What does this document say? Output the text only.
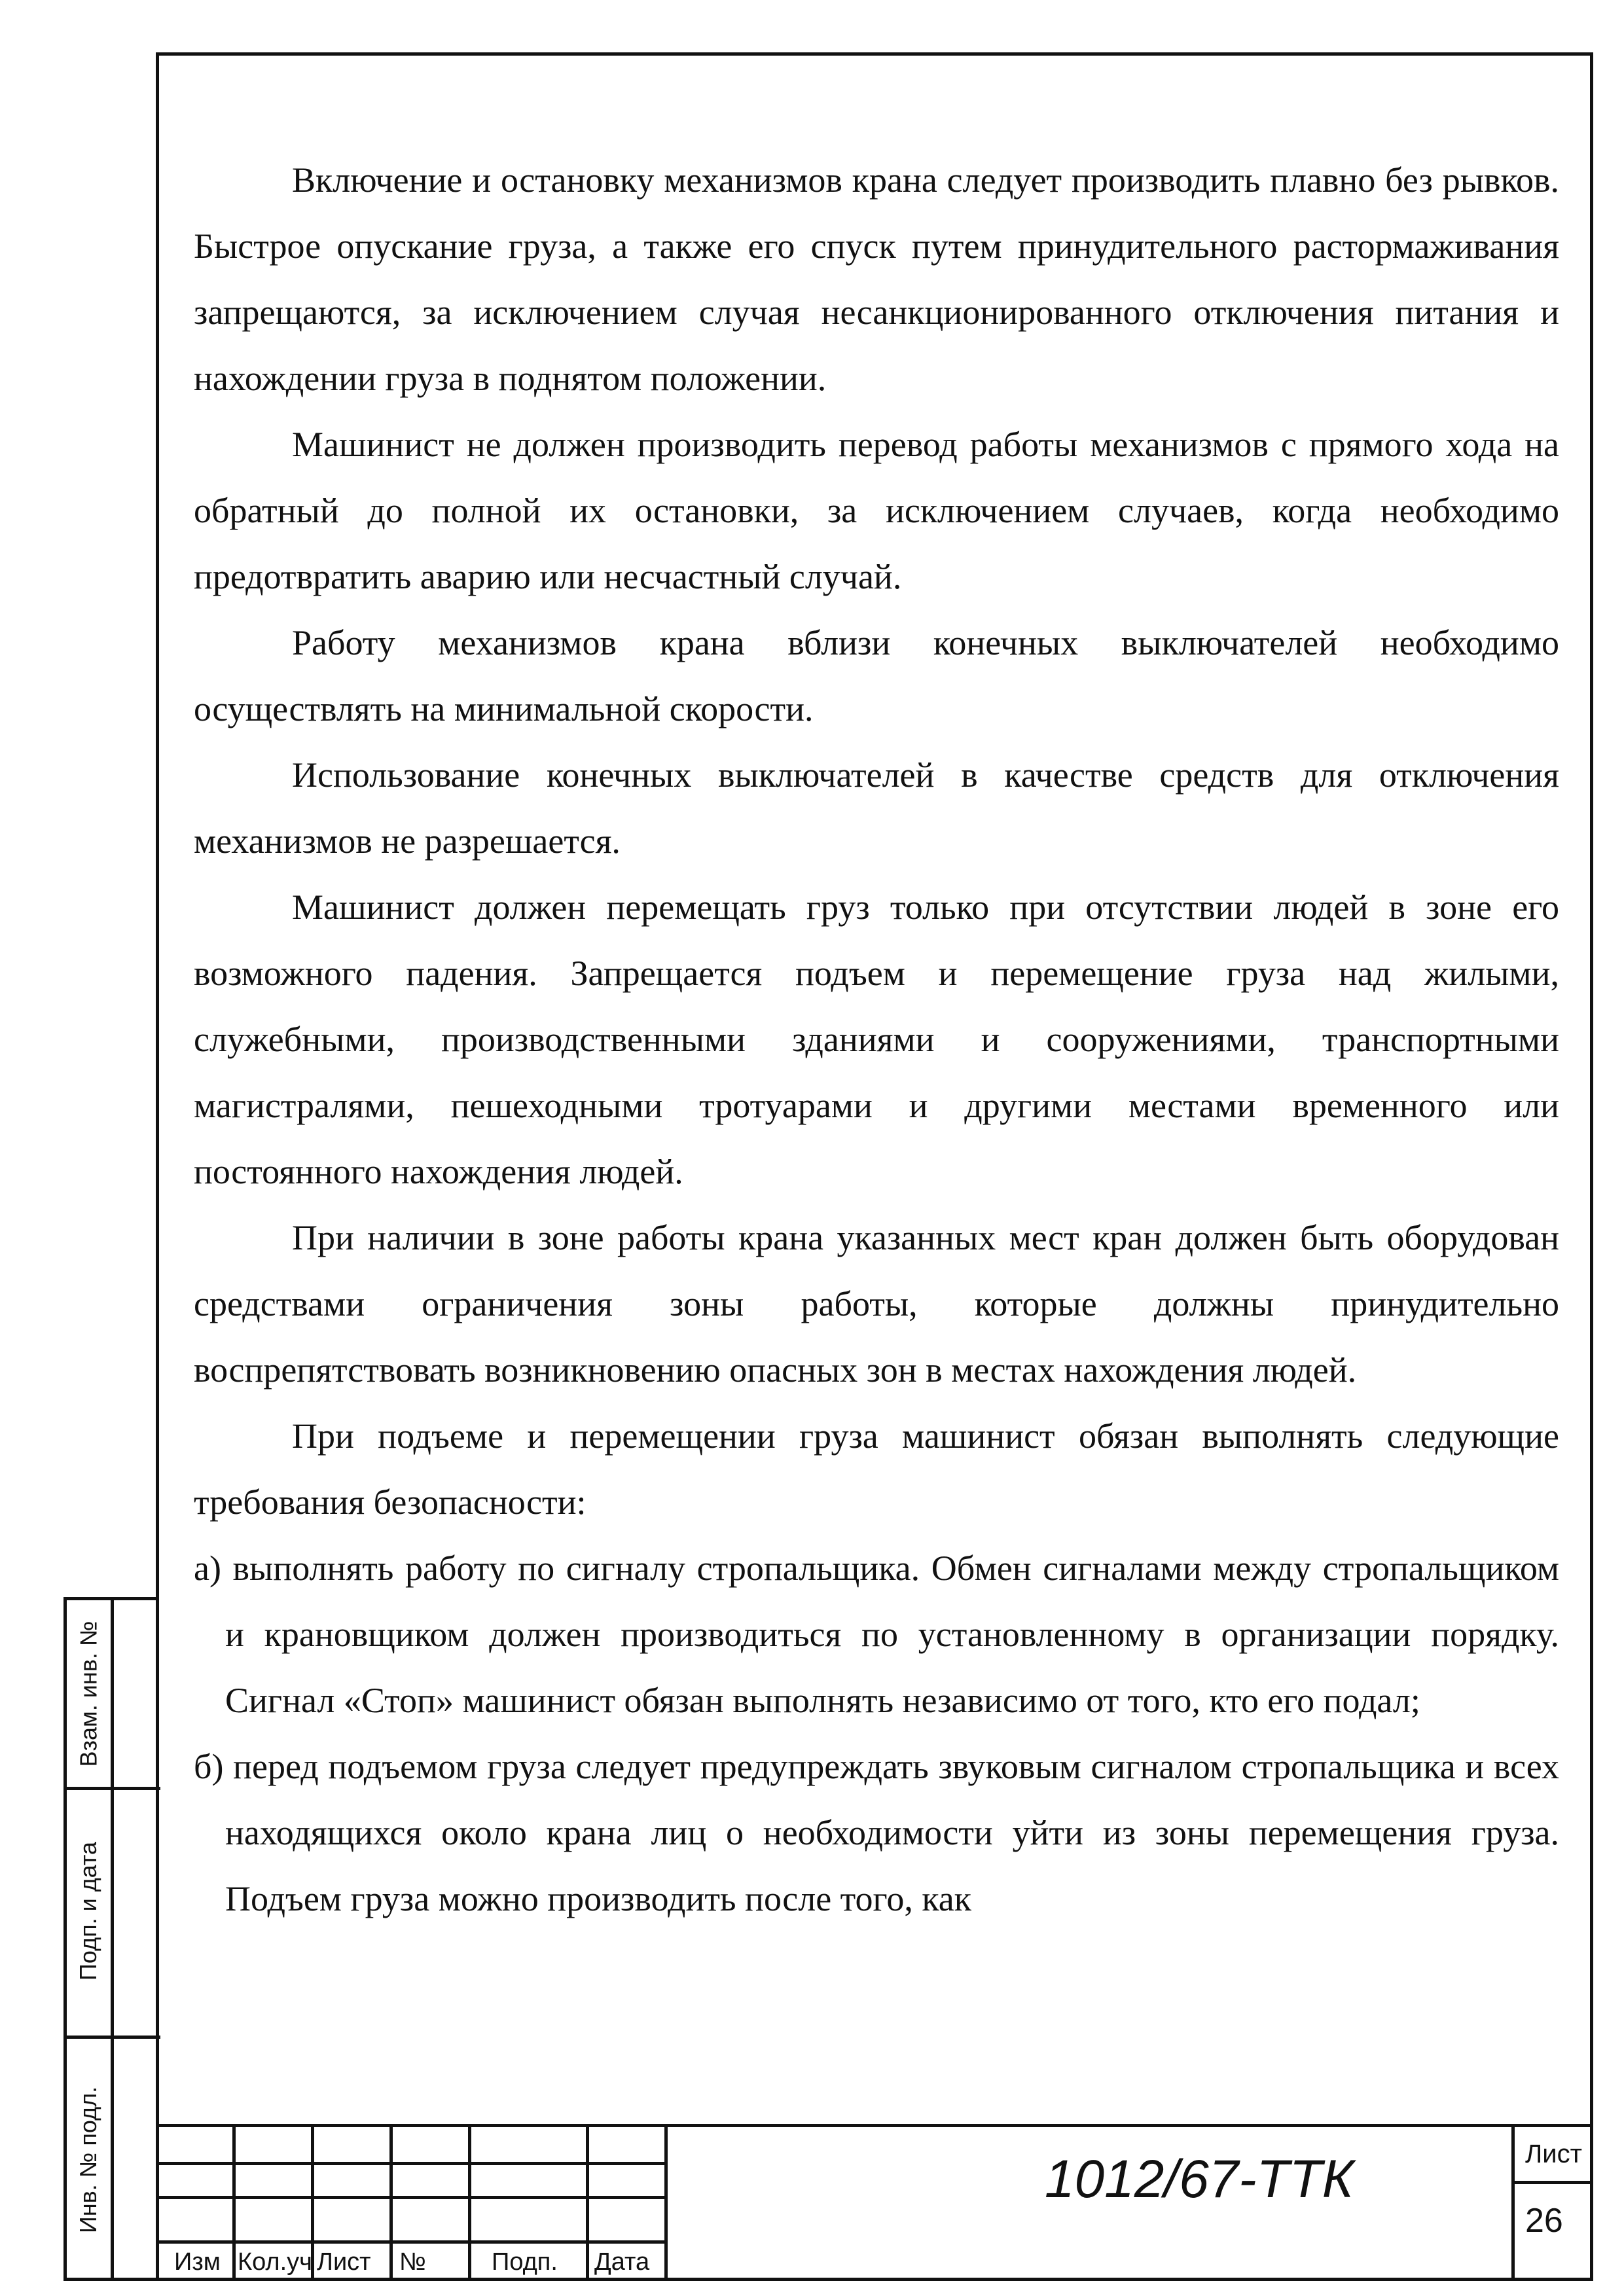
Включение и остановку механизмов крана следует производить плавно без рывков. Быстрое опускание груза, а также его спуск путем принудительного растормаживания запрещаются, за исключением случая несанкционированного отключения питания и нахождении груза в поднятом положении.

Машинист не должен производить перевод работы механизмов с прямого хода на обратный до полной их остановки, за исключением случаев, когда необходимо предотвратить аварию или несчастный случай.

Работу механизмов крана вблизи конечных выключателей необходимо осуществлять на минимальной скорости.

Использование конечных выключателей в качестве средств для отключения механизмов не разрешается.

Машинист должен перемещать груз только при отсутствии людей в зоне его возможного падения. Запрещается подъем и перемещение груза над жилыми, служебными, производственными зданиями и сооружениями, транспортными магистралями, пешеходными тротуарами и другими местами временного или постоянного нахождения людей.

При наличии в зоне работы крана указанных мест кран должен быть оборудован средствами ограничения зоны работы, которые должны принудительно воспрепятствовать возникновению опасных зон в местах нахождения людей.

При подъеме и перемещении груза машинист обязан выполнять следующие требования безопасности:

а) выполнять работу по сигналу стропальщика. Обмен сигналами между стропальщиком и крановщиком должен производиться по установленному в организации порядку. Сигнал «Стоп» машинист обязан выполнять независимо от того, кто его подал;

б) перед подъемом груза следует предупреждать звуковым сигналом стропальщика и всех находящихся около крана лиц о необходимости уйти из зоны перемещения груза. Подъем груза можно производить после того, как

Взам. инв. №
Подп. и дата
Инв. № подл.
Изм Кол.уч Лист №	Подп. Дата
1012/67-ТТК	Лист
26
